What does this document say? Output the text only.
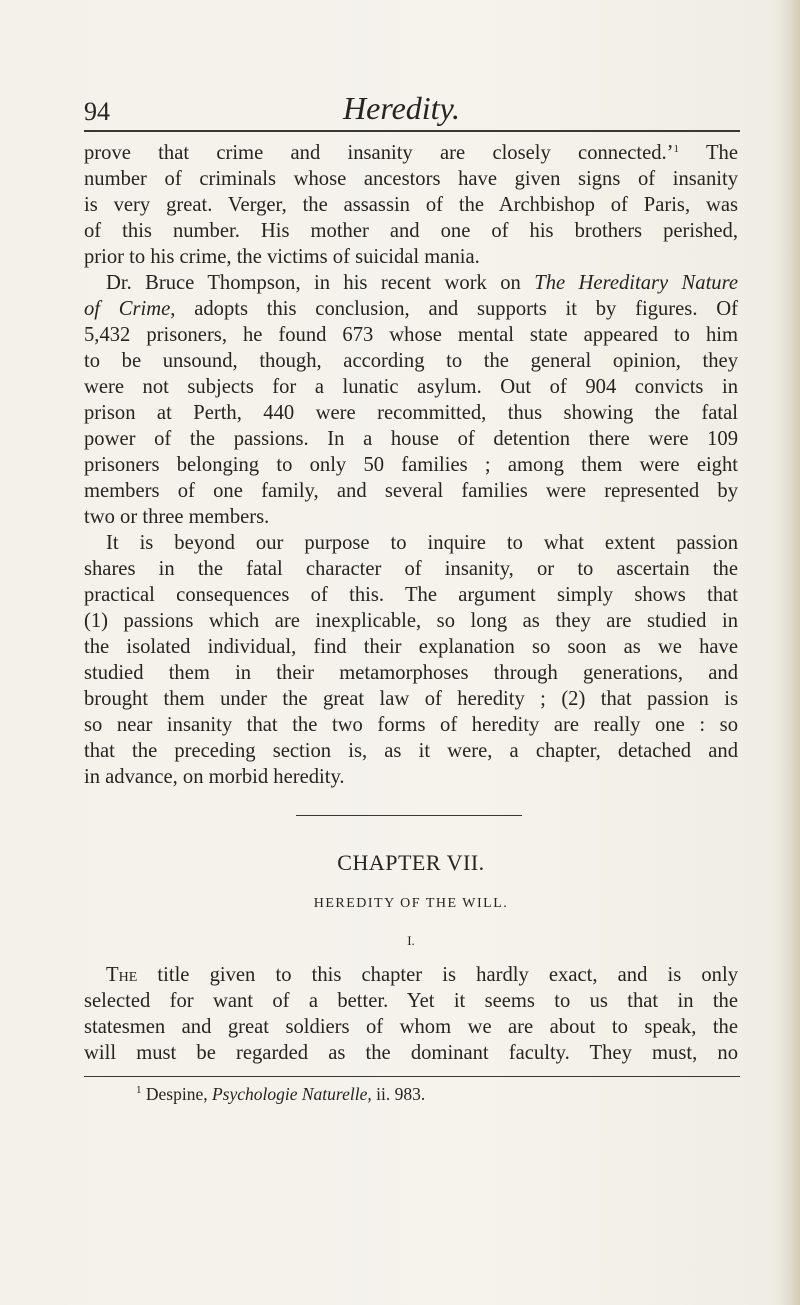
94	Heredity.
prove that crime and insanity are closely connected.’$^1$ The
number of criminals whose ancestors have given signs of insanity
is very great. Verger, the assassin of the Archbishop of Paris, was
of this number. His mother and one of his brothers perished,
prior to his crime, the victims of suicidal mania.
Dr. Bruce Thompson, in his recent work on The Hereditary Nature
of Crime, adopts this conclusion, and supports it by figures. Of
5,432 prisoners, he found 673 whose mental state appeared to him
to be unsound, though, according to the general opinion, they
were not subjects for a lunatic asylum. Out of 904 convicts in
prison at Perth, 440 were recommitted, thus showing the fatal
power of the passions. In a house of detention there were 109
prisoners belonging to only 50 families ; among them were eight
members of one family, and several families were represented by
two or three members.
It is beyond our purpose to inquire to what extent passion
shares in the fatal character of insanity, or to ascertain the
practical consequences of this. The argument simply shows that
(1) passions which are inexplicable, so long as they are studied in
the isolated individual, find their explanation so soon as we have
studied them in their metamorphoses through generations, and
brought them under the great law of heredity ; (2) that passion is
so near insanity that the two forms of heredity are really one : so
that the preceding section is, as it were, a chapter, detached and
in advance, on morbid heredity.
CHAPTER VII.
HEREDITY OF THE WILL.
I.
The title given to this chapter is hardly exact, and is only
selected for want of a better. Yet it seems to us that in the
statesmen and great soldiers of whom we are about to speak, the
will must be regarded as the dominant faculty. They must, no
$^1$ Despine, Psychologie Naturelle, ii. 983.
